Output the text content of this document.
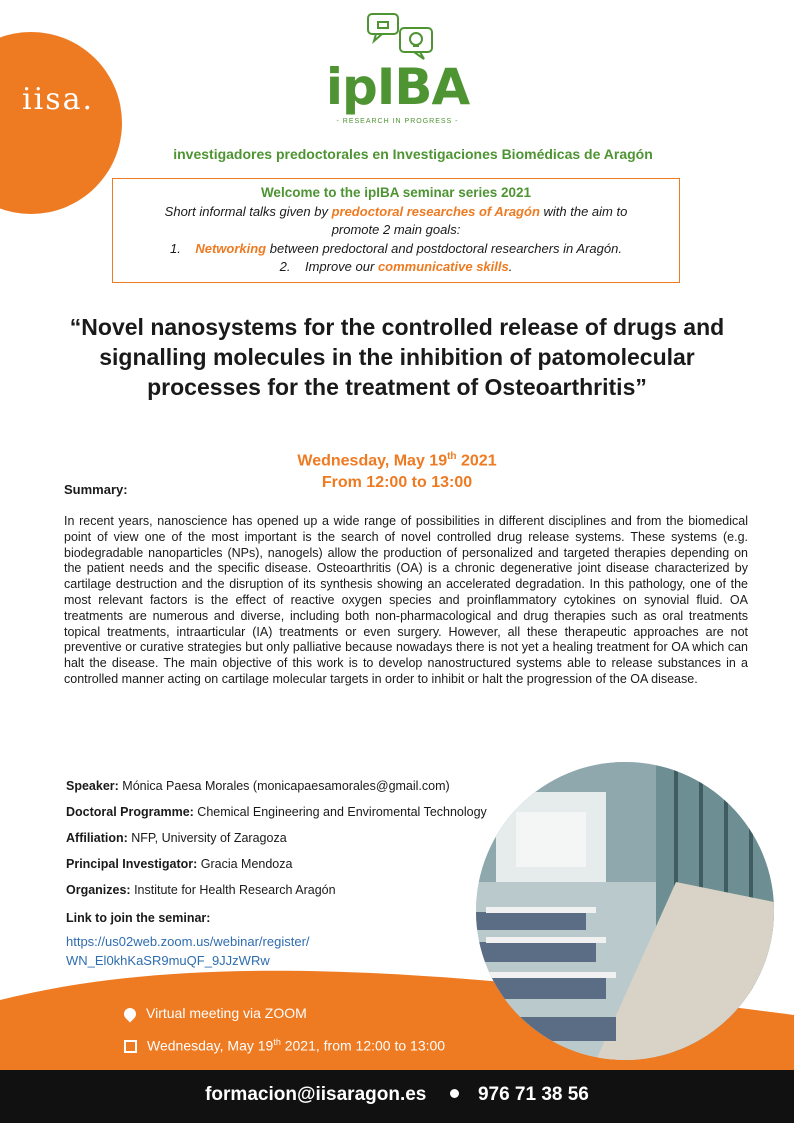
iisa.	ipIBA
- RESEARCH IN PROGRESS -
investigadores predoctorales en Investigaciones Biomédicas de Aragón
Welcome to the ipIBA seminar series 2021
Short informal talks given by predoctoral researches of Aragón with the aim to
promote 2 main goals:
1. Networking between predoctoral and postdoctoral researchers in Aragón.
2. Improve our communicative skills.
“Novel nanosystems for the controlled release of drugs and signalling molecules in the inhibition of patomolecular processes for the treatment of Osteoarthritis”
Wednesday, May 19th 2021
From 12:00 to 13:00
Summary:
In recent years, nanoscience has opened up a wide range of possibilities in different disciplines and from the biomedical point of view one of the most important is the search of novel controlled drug release systems. These systems (e.g. biodegradable nanoparticles (NPs), nanogels) allow the production of personalized and targeted therapies depending on the patient needs and the specific disease. Osteoarthritis (OA) is a chronic degenerative joint disease characterized by cartilage destruction and the disruption of its synthesis showing an accelerated degradation. In this pathology, one of the most relevant factors is the effect of reactive oxygen species and proinflammatory cytokines on synovial fluid. OA treatments are numerous and diverse, including both non-pharmacological and drug therapies such as oral treatments topical treatments, intraarticular (IA) treatments or even surgery. However, all these therapeutic approaches are not preventive or curative strategies but only palliative because nowadays there is not yet a healing treatment for OA which can halt the disease. The main objective of this work is to develop nanostructured systems able to release substances in a controlled manner acting on cartilage molecular targets in order to inhibit or halt the progression of the OA disease.
Speaker: Mónica Paesa Morales (monicapaesamorales@gmail.com)
Doctoral Programme: Chemical Engineering and Enviromental Technology
Affiliation: NFP, University of Zaragoza
Principal Investigator: Gracia Mendoza
Organizes: Institute for Health Research Aragón
Link to join the seminar:
https://us02web.zoom.us/webinar/register/
WN_El0khKaSR9muQF_9JJzWRw
Virtual meeting via ZOOM
Wednesday, May 19th 2021, from 12:00 to 13:00
formacion@iisaragon.es	976 71 38 56
